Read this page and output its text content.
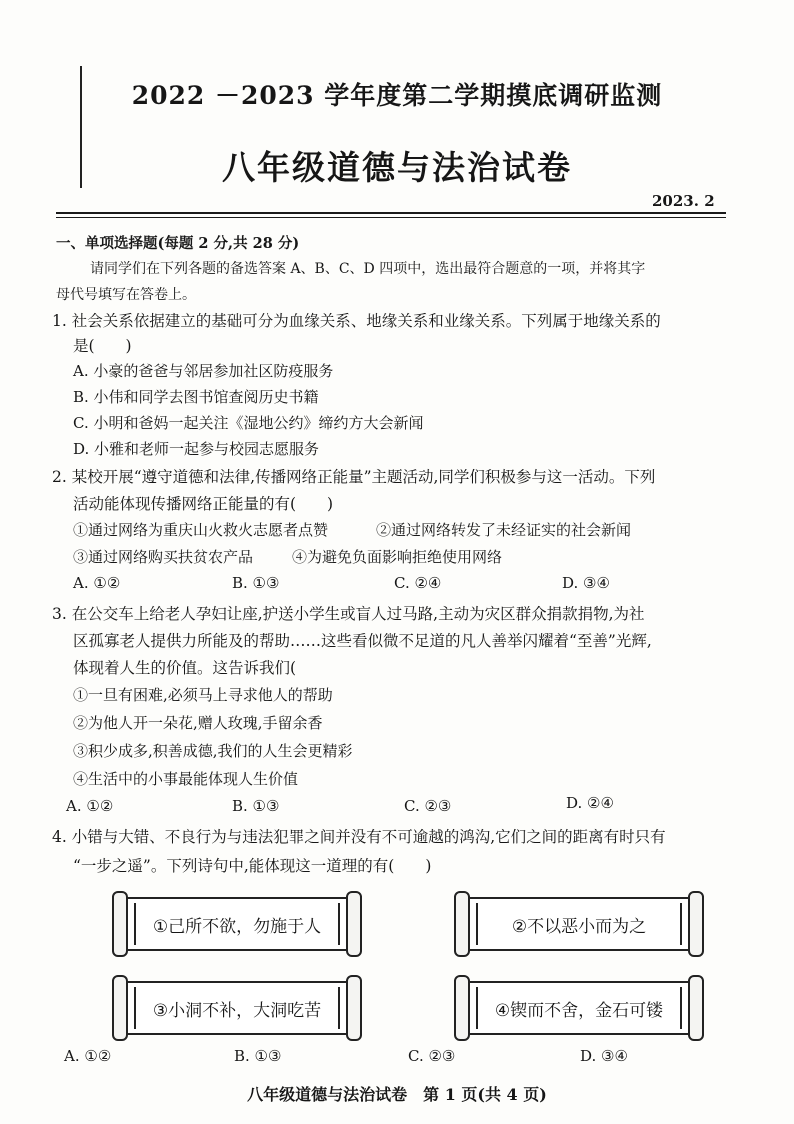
2022 －2023 学年度第二学期摸底调研监测
八年级道德与法治试卷
2023. 2
一、单项选择题(每题 2 分,共 28 分)
请同学们在下列各题的备选答案 A、B、C、D 四项中，选出最符合题意的一项，并将其字
母代号填写在答卷上。
1. 社会关系依据建立的基础可分为血缘关系、地缘关系和业缘关系。下列属于地缘关系的
是(　　)
A. 小豪的爸爸与邻居参加社区防疫服务
B. 小伟和同学去图书馆查阅历史书籍
C. 小明和爸妈一起关注《湿地公约》缔约方大会新闻
D. 小雅和老师一起参与校园志愿服务
2. 某校开展“遵守道德和法律,传播网络正能量”主题活动,同学们积极参与这一活动。下列
活动能体现传播网络正能量的有(　　)
①通过网络为重庆山火救火志愿者点赞	②通过网络转发了未经证实的社会新闻
③通过网络购买扶贫农产品	④为避免负面影响拒绝使用网络
A. ①②	B. ①③	C. ②④	D. ③④
3. 在公交车上给老人孕妇让座,护送小学生或盲人过马路,主动为灾区群众捐款捐物,为社
区孤寡老人提供力所能及的帮助……这些看似微不足道的凡人善举闪耀着“至善”光辉,
体现着人生的价值。这告诉我们(
①一旦有困难,必须马上寻求他人的帮助
②为他人开一朵花,赠人玫瑰,手留余香
③积少成多,积善成德,我们的人生会更精彩
④生活中的小事最能体现人生价值
A. ①②	B. ①③	C. ②③	D. ②④
4. 小错与大错、不良行为与违法犯罪之间并没有不可逾越的鸿沟,它们之间的距离有时只有
“一步之遥”。下列诗句中,能体现这一道理的有(　　)
①己所不欲，勿施于人	②不以恶小而为之
③小洞不补，大洞吃苦	④锲而不舍，金石可镂
A. ①②	B. ①③	C. ②③	D. ③④
八年级道德与法治试卷　第 1 页(共 4 页)
